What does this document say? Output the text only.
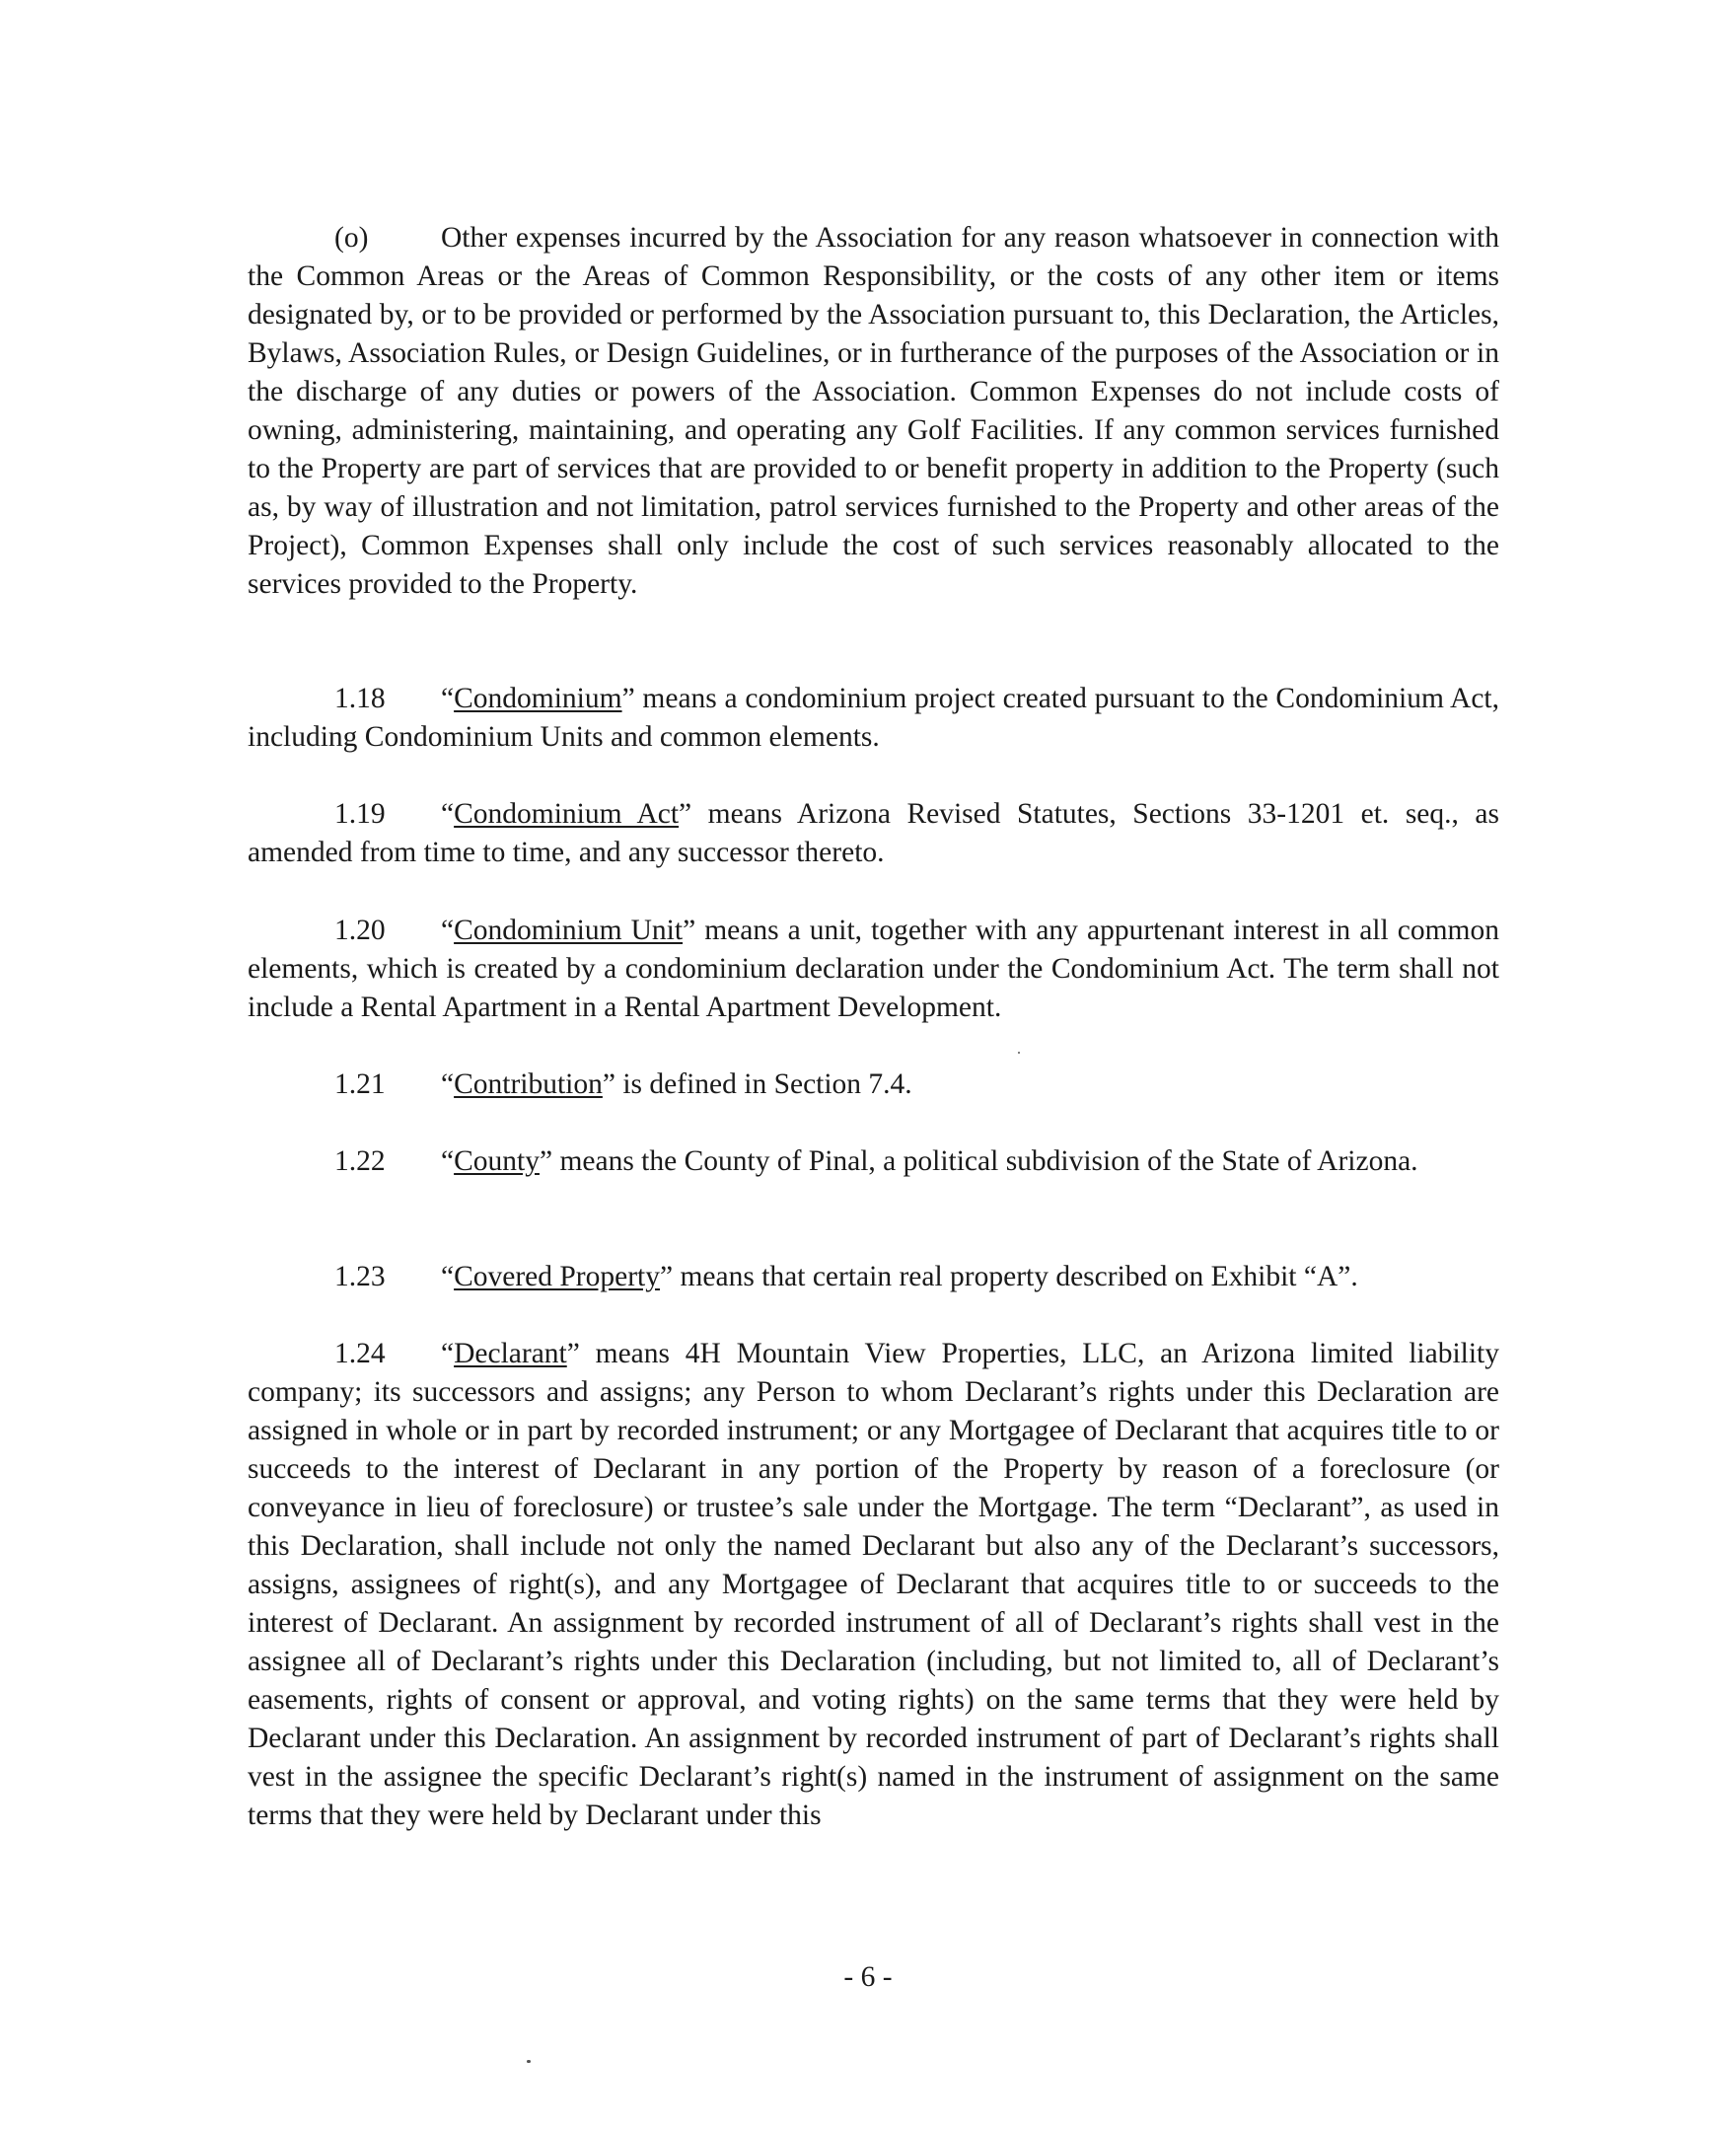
(o) Other expenses incurred by the Association for any reason whatsoever in connection with the Common Areas or the Areas of Common Responsibility, or the costs of any other item or items designated by, or to be provided or performed by the Association pursuant to, this Declaration, the Articles, Bylaws, Association Rules, or Design Guidelines, or in furtherance of the purposes of the Association or in the discharge of any duties or powers of the Association. Common Expenses do not include costs of owning, administering, maintaining, and operating any Golf Facilities. If any common services furnished to the Property are part of services that are provided to or benefit property in addition to the Property (such as, by way of illustration and not limitation, patrol services furnished to the Property and other areas of the Project), Common Expenses shall only include the cost of such services reasonably allocated to the services provided to the Property.

1.18 “Condominium” means a condominium project created pursuant to the Condominium Act, including Condominium Units and common elements.

1.19 “Condominium Act” means Arizona Revised Statutes, Sections 33-1201 et. seq., as amended from time to time, and any successor thereto.

1.20 “Condominium Unit” means a unit, together with any appurtenant interest in all common elements, which is created by a condominium declaration under the Condominium Act. The term shall not include a Rental Apartment in a Rental Apartment Development.

1.21 “Contribution” is defined in Section 7.4.

1.22 “County” means the County of Pinal, a political subdivision of the State of Arizona.

1.23 “Covered Property” means that certain real property described on Exhibit “A”.

1.24 “Declarant” means 4H Mountain View Properties, LLC, an Arizona limited liability company; its successors and assigns; any Person to whom Declarant’s rights under this Declaration are assigned in whole or in part by recorded instrument; or any Mortgagee of Declarant that acquires title to or succeeds to the interest of Declarant in any portion of the Property by reason of a foreclosure (or conveyance in lieu of foreclosure) or trustee’s sale under the Mortgage. The term “Declarant”, as used in this Declaration, shall include not only the named Declarant but also any of the Declarant’s successors, assigns, assignees of right(s), and any Mortgagee of Declarant that acquires title to or succeeds to the interest of Declarant. An assignment by recorded instrument of all of Declarant’s rights shall vest in the assignee all of Declarant’s rights under this Declaration (including, but not limited to, all of Declarant’s easements, rights of consent or approval, and voting rights) on the same terms that they were held by Declarant under this Declaration. An assignment by recorded instrument of part of Declarant’s rights shall vest in the assignee the specific Declarant’s right(s) named in the instrument of assignment on the same terms that they were held by Declarant under this

- 6 -
